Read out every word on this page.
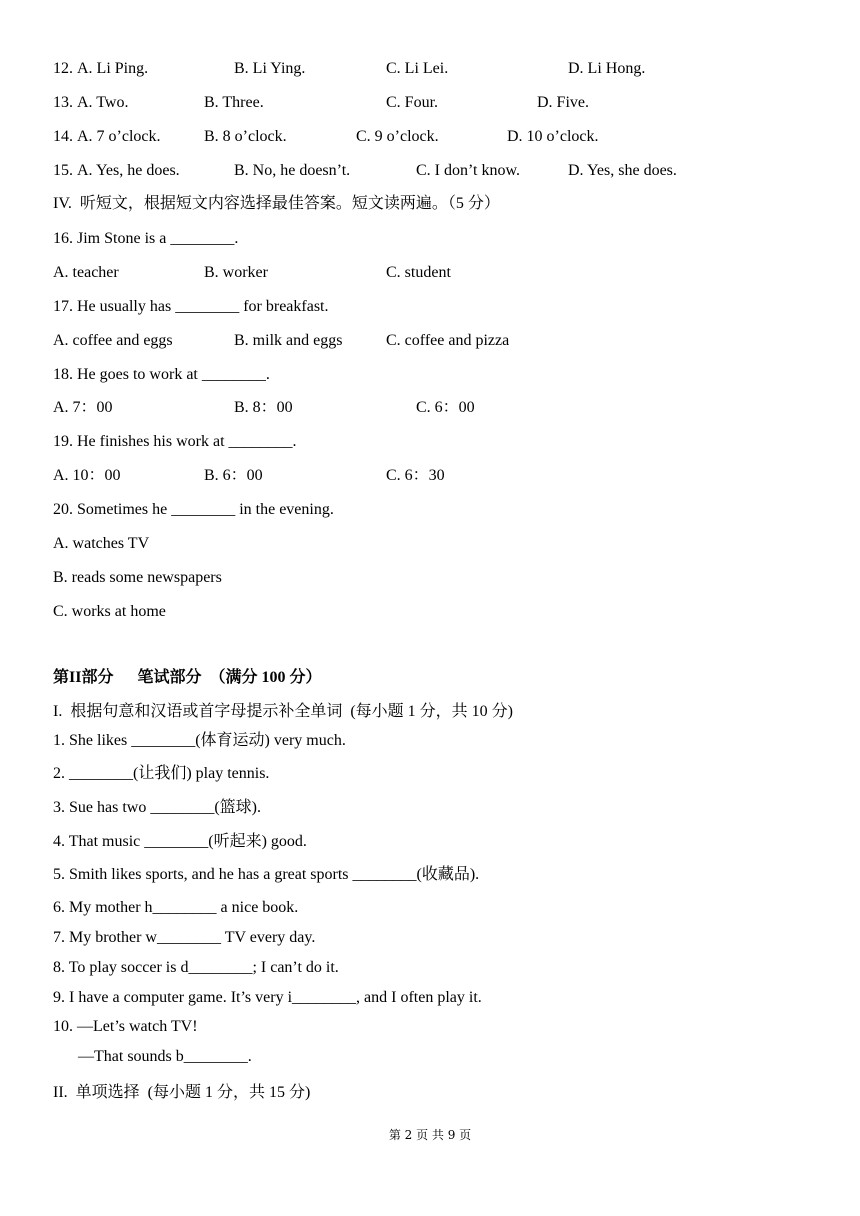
12. A. Li Ping.	B. Li Ying.	C. Li Lei.	D. Li Hong.
13. A. Two.	B. Three.	C. Four.	D. Five.
14. A. 7 o’clock.	B. 8 o’clock.	C. 9 o’clock.	D. 10 o’clock.
15. A. Yes, he does.	B. No, he doesn’t.	C. I don’t know.	D. Yes, she does.
IV.  听短文，根据短文内容选择最佳答案。短文读两遍。（5 分）
16. Jim Stone is a ________.
A. teacher	B. worker	C. student
17. He usually has ________ for breakfast.
A. coffee and eggs	B. milk and eggs	C. coffee and pizza
18. He goes to work at ________.
A. 7：00	B. 8：00	C. 6：00
19. He finishes his work at ________.
A. 10：00	B. 6：00	C. 6：30
20. Sometimes he ________ in the evening.
A. watches TV
B. reads some newspapers
C. works at home
第II部分      笔试部分  （满分 100 分）
I.  根据句意和汉语或首字母提示补全单词  (每小题 1 分，共 10 分)
1. She likes ________(体育运动) very much.
2. ________(让我们) play tennis.
3. Sue has two ________(篮球).
4. That music ________(听起来) good.
5. Smith likes sports, and he has a great sports ________(收藏品).
6. My mother h________ a nice book.
7. My brother w________ TV every day.
8. To play soccer is d________; I can’t do it.
9. I have a computer game. It’s very i________, and I often play it.
10. —Let’s watch TV!
—That sounds b________.
II.  单项选择  (每小题 1 分，共 15 分)
第 2 页 共 9 页
